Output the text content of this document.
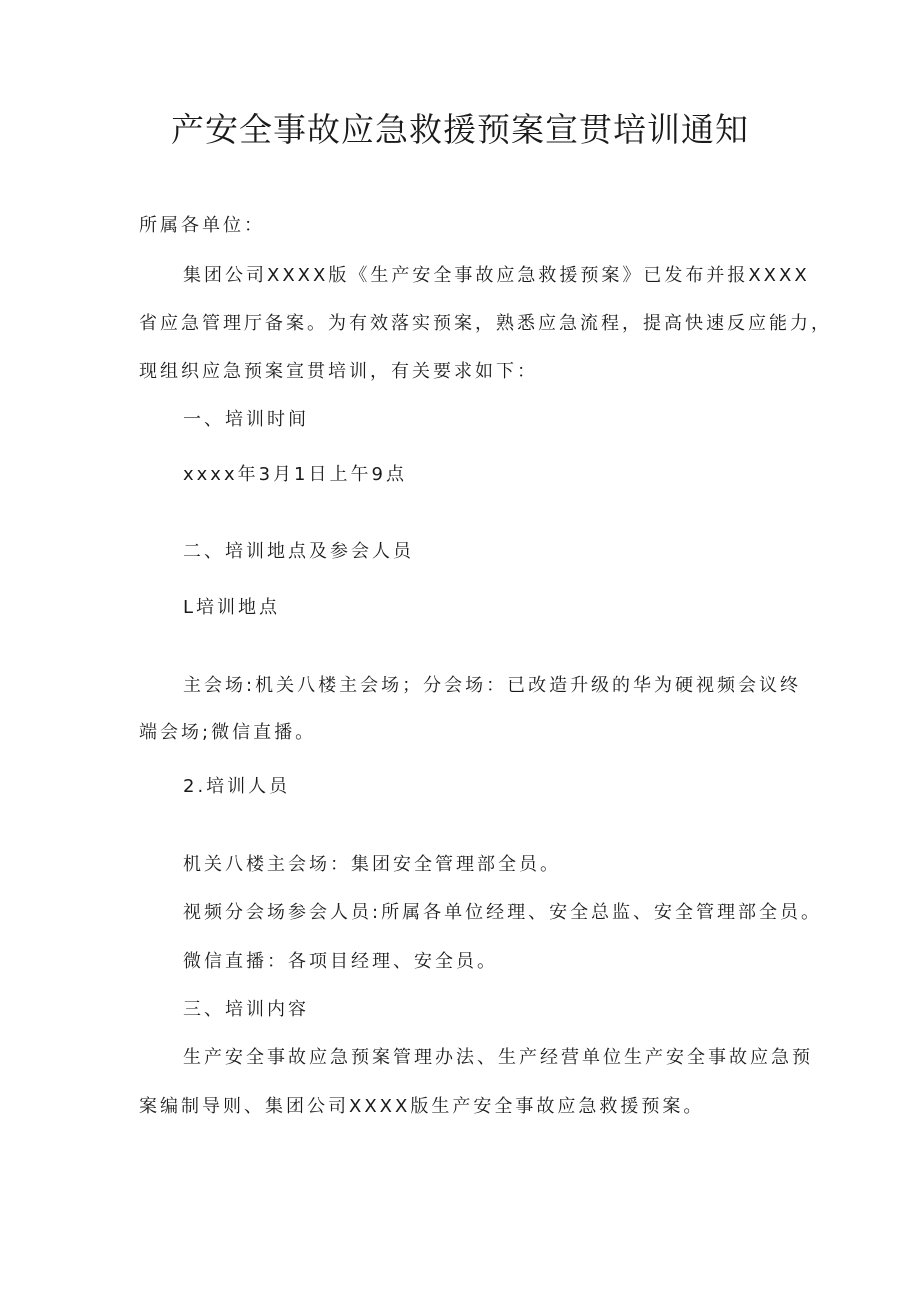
产安全事故应急救援预案宣贯培训通知
所属各单位：
集团公司XXXX版《生产安全事故应急救援预案》已发布并报XXXX
省应急管理厅备案。为有效落实预案，熟悉应急流程，提高快速反应能力，
现组织应急预案宣贯培训，有关要求如下：
一、培训时间
xxxx年3月1日上午9点
二、培训地点及参会人员
L培训地点
主会场:机关八楼主会场；分会场：已改造升级的华为硬视频会议终
端会场;微信直播。
2.培训人员
机关八楼主会场：集团安全管理部全员。
视频分会场参会人员:所属各单位经理、安全总监、安全管理部全员。
微信直播：各项目经理、安全员。
三、培训内容
生产安全事故应急预案管理办法、生产经营单位生产安全事故应急预
案编制导则、集团公司XXXX版生产安全事故应急救援预案。
